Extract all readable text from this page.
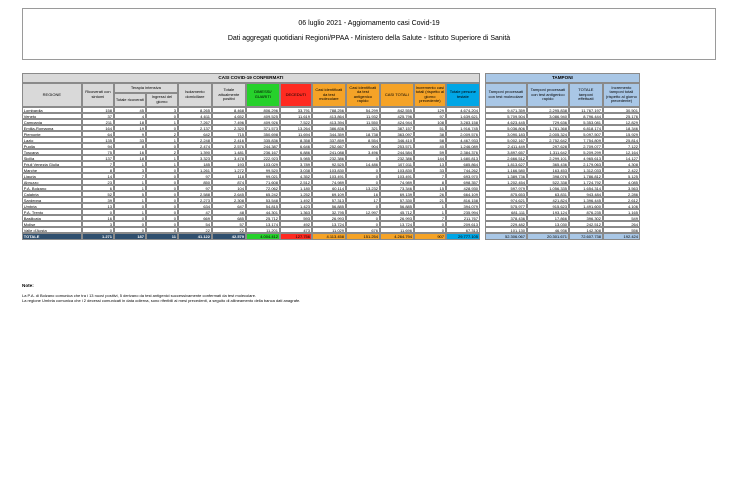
06 luglio 2021 - Aggiornamento casi Covid-19
Dati aggregati quotidiani Regioni/PPAA - Ministero della Salute - Istituto Superiore di Sanità
CASI COVID-19 CONFERMATI	TAMPONI
REGIONE	Ricoverati con sintomi
Terapia intensiva
Totale ricoverati	Ingressi del giorno
Isolamento domiciliare
Totale attualmente positivi
DIMESSI/ GUARITI	DECEDUTI
Casi identificati da test molecolare
Casi identificati da test antigenico rapido
CASI TOTALI
Incremento casi totali (rispetto al giorno precedente)
Totale persone testate
Tamponi processati con test molecolare
Tamponi processati con test antigenico rapido
TOTALE tamponi effettuati
Incremento tamponi totali (rispetto al giorno precedente)
Lombardia	158	45	3	8.265	8.468	806.296	33.791	788.256	54.299	842.555	129	4.674.204	9.471.359	2.295.838	11.767.197	30.501
Veneto	37	4	0	4.611	4.652	409.525	11.619	413.864	11.932	425.796	97	1.639.621	5.709.504	3.086.940	8.796.444	25.176
Campania	211	18	1	7.267	7.496	409.926	7.522	413.394	11.550	424.944	108	3.283.158	4.623.445	729.636	5.353.081	12.829
Emilia-Romagna	164	19	0	2.137	2.320	371.573	13.264	386.836	321	387.157	51	1.916.745	5.036.806	1.781.368	6.818.174	18.346
Piemonte	64	9	2	642	715	350.698	11.694	344.359	18.738	363.097	38	2.009.576	3.090.183	2.005.324	5.097.507	15.929
Lazio	135	33	1	2.248	2.416	335.836	8.358	337.859	8.554	346.410	58	4.467.933	5.002.167	2.752.642	7.754.809	25.814
Puglia	94	8	0	2.474	2.576	244.387	6.646	252.667	904	253.571	40	1.246.089	2.411.449	297.628	2.709.077	7.122
Toscana	75	16	2	1.390	1.481	236.167	6.886	241.088	3.496	244.584	59	2.384.376	3.897.657	1.311.642	5.209.299	12.164
Sicilia	137	18	1	3.323	3.478	222.923	5.985	232.386	0	232.386	144	1.680.813	2.666.512	2.299.101	4.965.613	14.127
Friuli Venezia Giulia	7	1	1	185	193	103.029	3.789	92.525	14.486	107.011	13	685.864	1.813.627	365.436	2.179.063	4.308
Marche	8	3	0	1.261	1.272	99.520	3.038	103.830	0	103.830	33	744.262	1.166.580	163.453	1.312.033	2.422
Liguria	14	7	0	97	118	99.021	4.352	103.491	0	103.491	7	693.970	1.389.736	398.076	1.786.812	5.125
Abruzzo	23	1	0	850	874	71.608	2.512	74.989	0	74.989	8	698.357	1.202.454	522.338	1.724.792	4.085
P.A. Bolzano	6	1	0	97	104	72.062	1.180	60.114	13.232	73.346	15	428.930	597.979	1.056.335	1.654.314	3.563
Calabria	52	5	0	2.588	2.645	65.242	1.252	69.109	16	69.139	26	664.109	875.653	63.831	943.484	2.286
Sardegna	39	1	0	2.273	2.308	53.548	1.492	57.313	17	57.330	21	816.158	974.621	421.824	1.396.445	2.612
Umbria	13	0	0	634	647	54.815	1.423	56.885	0	56.885	1	394.079	575.977	915.623	1.491.600	4.106
P.A. Trento	0	1	0	47	48	44.301	1.363	32.795	12.997	45.712	1	235.994	681.111	193.124	876.235	1.165
Basilicata	16	0	0	669	685	25.712	593	26.993	0	26.993	7	211.767	378.436	17.866	396.302	549
Molise	3	0	0	54	57	13.174	492	13.724	0	13.724	0	209.613	229.482	13.030	242.512	264
Valle d'Aosta	0	0	0	22	22	11.201	473	11.029	676	11.696	0	67.313	101.130	46.936	142.308	556
TOTALE	1.271	187	11	41.122	42.579	4.004.412	127.756	4.113.458	151.254	4.264.794	907	29.777.105	52.306.067	20.301.671	72.607.738	192.424
Note:
La P.A. di Bolzano comunica che tra i 13 nuovi positivi, 5 derivano da test antigenici successivamente confermati da test molecolare.
La regione Umbria comunica che i 2 decessi comunicati in data odierna, sono riferibili ai mesi precedenti, a seguito di allineamento della banca dati anagrafe.
